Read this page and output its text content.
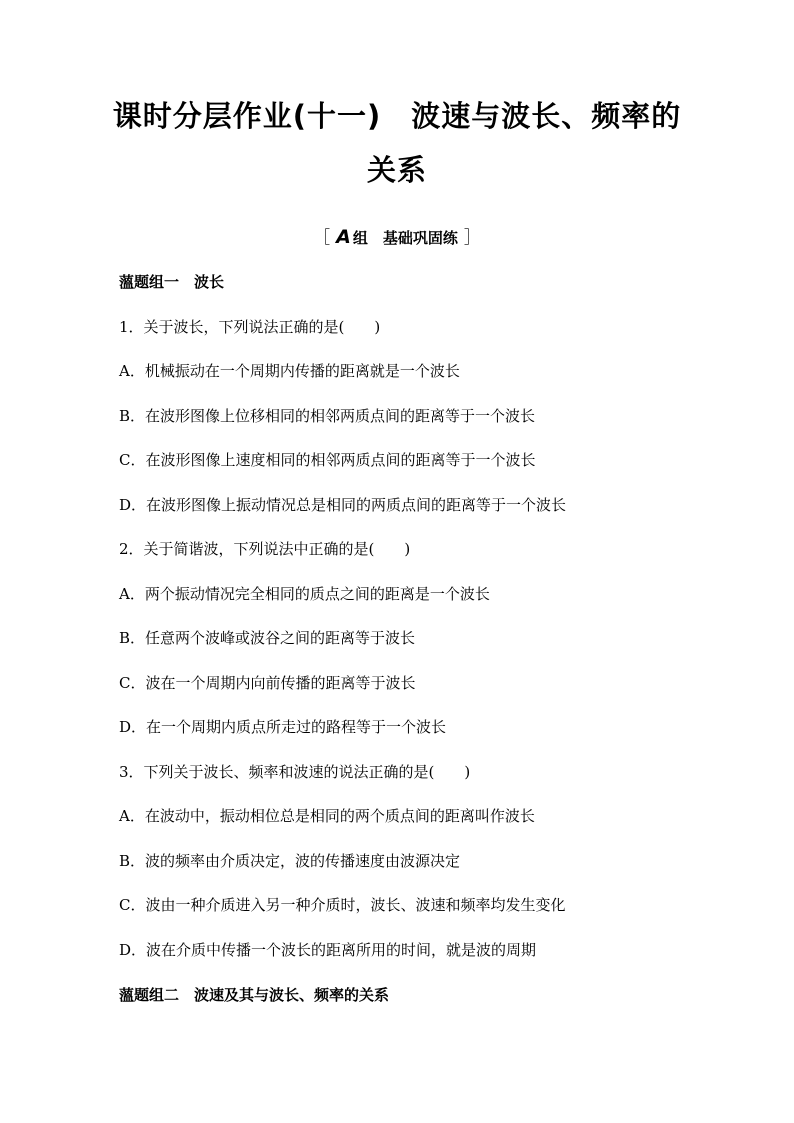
课时分层作业(十一)　波速与波长、频率的
关系
［ A 组　基础巩固练 ］
薀题组一　波长
1．关于波长，下列说法正确的是(　　)
A．机械振动在一个周期内传播的距离就是一个波长
B．在波形图像上位移相同的相邻两质点间的距离等于一个波长
C．在波形图像上速度相同的相邻两质点间的距离等于一个波长
D．在波形图像上振动情况总是相同的两质点间的距离等于一个波长
2．关于简谐波，下列说法中正确的是(　　)
A．两个振动情况完全相同的质点之间的距离是一个波长
B．任意两个波峰或波谷之间的距离等于波长
C．波在一个周期内向前传播的距离等于波长
D．在一个周期内质点所走过的路程等于一个波长
3．下列关于波长、频率和波速的说法正确的是(　　)
A．在波动中，振动相位总是相同的两个质点间的距离叫作波长
B．波的频率由介质决定，波的传播速度由波源决定
C．波由一种介质进入另一种介质时，波长、波速和频率均发生变化
D．波在介质中传播一个波长的距离所用的时间，就是波的周期
薀题组二　波速及其与波长、频率的关系
